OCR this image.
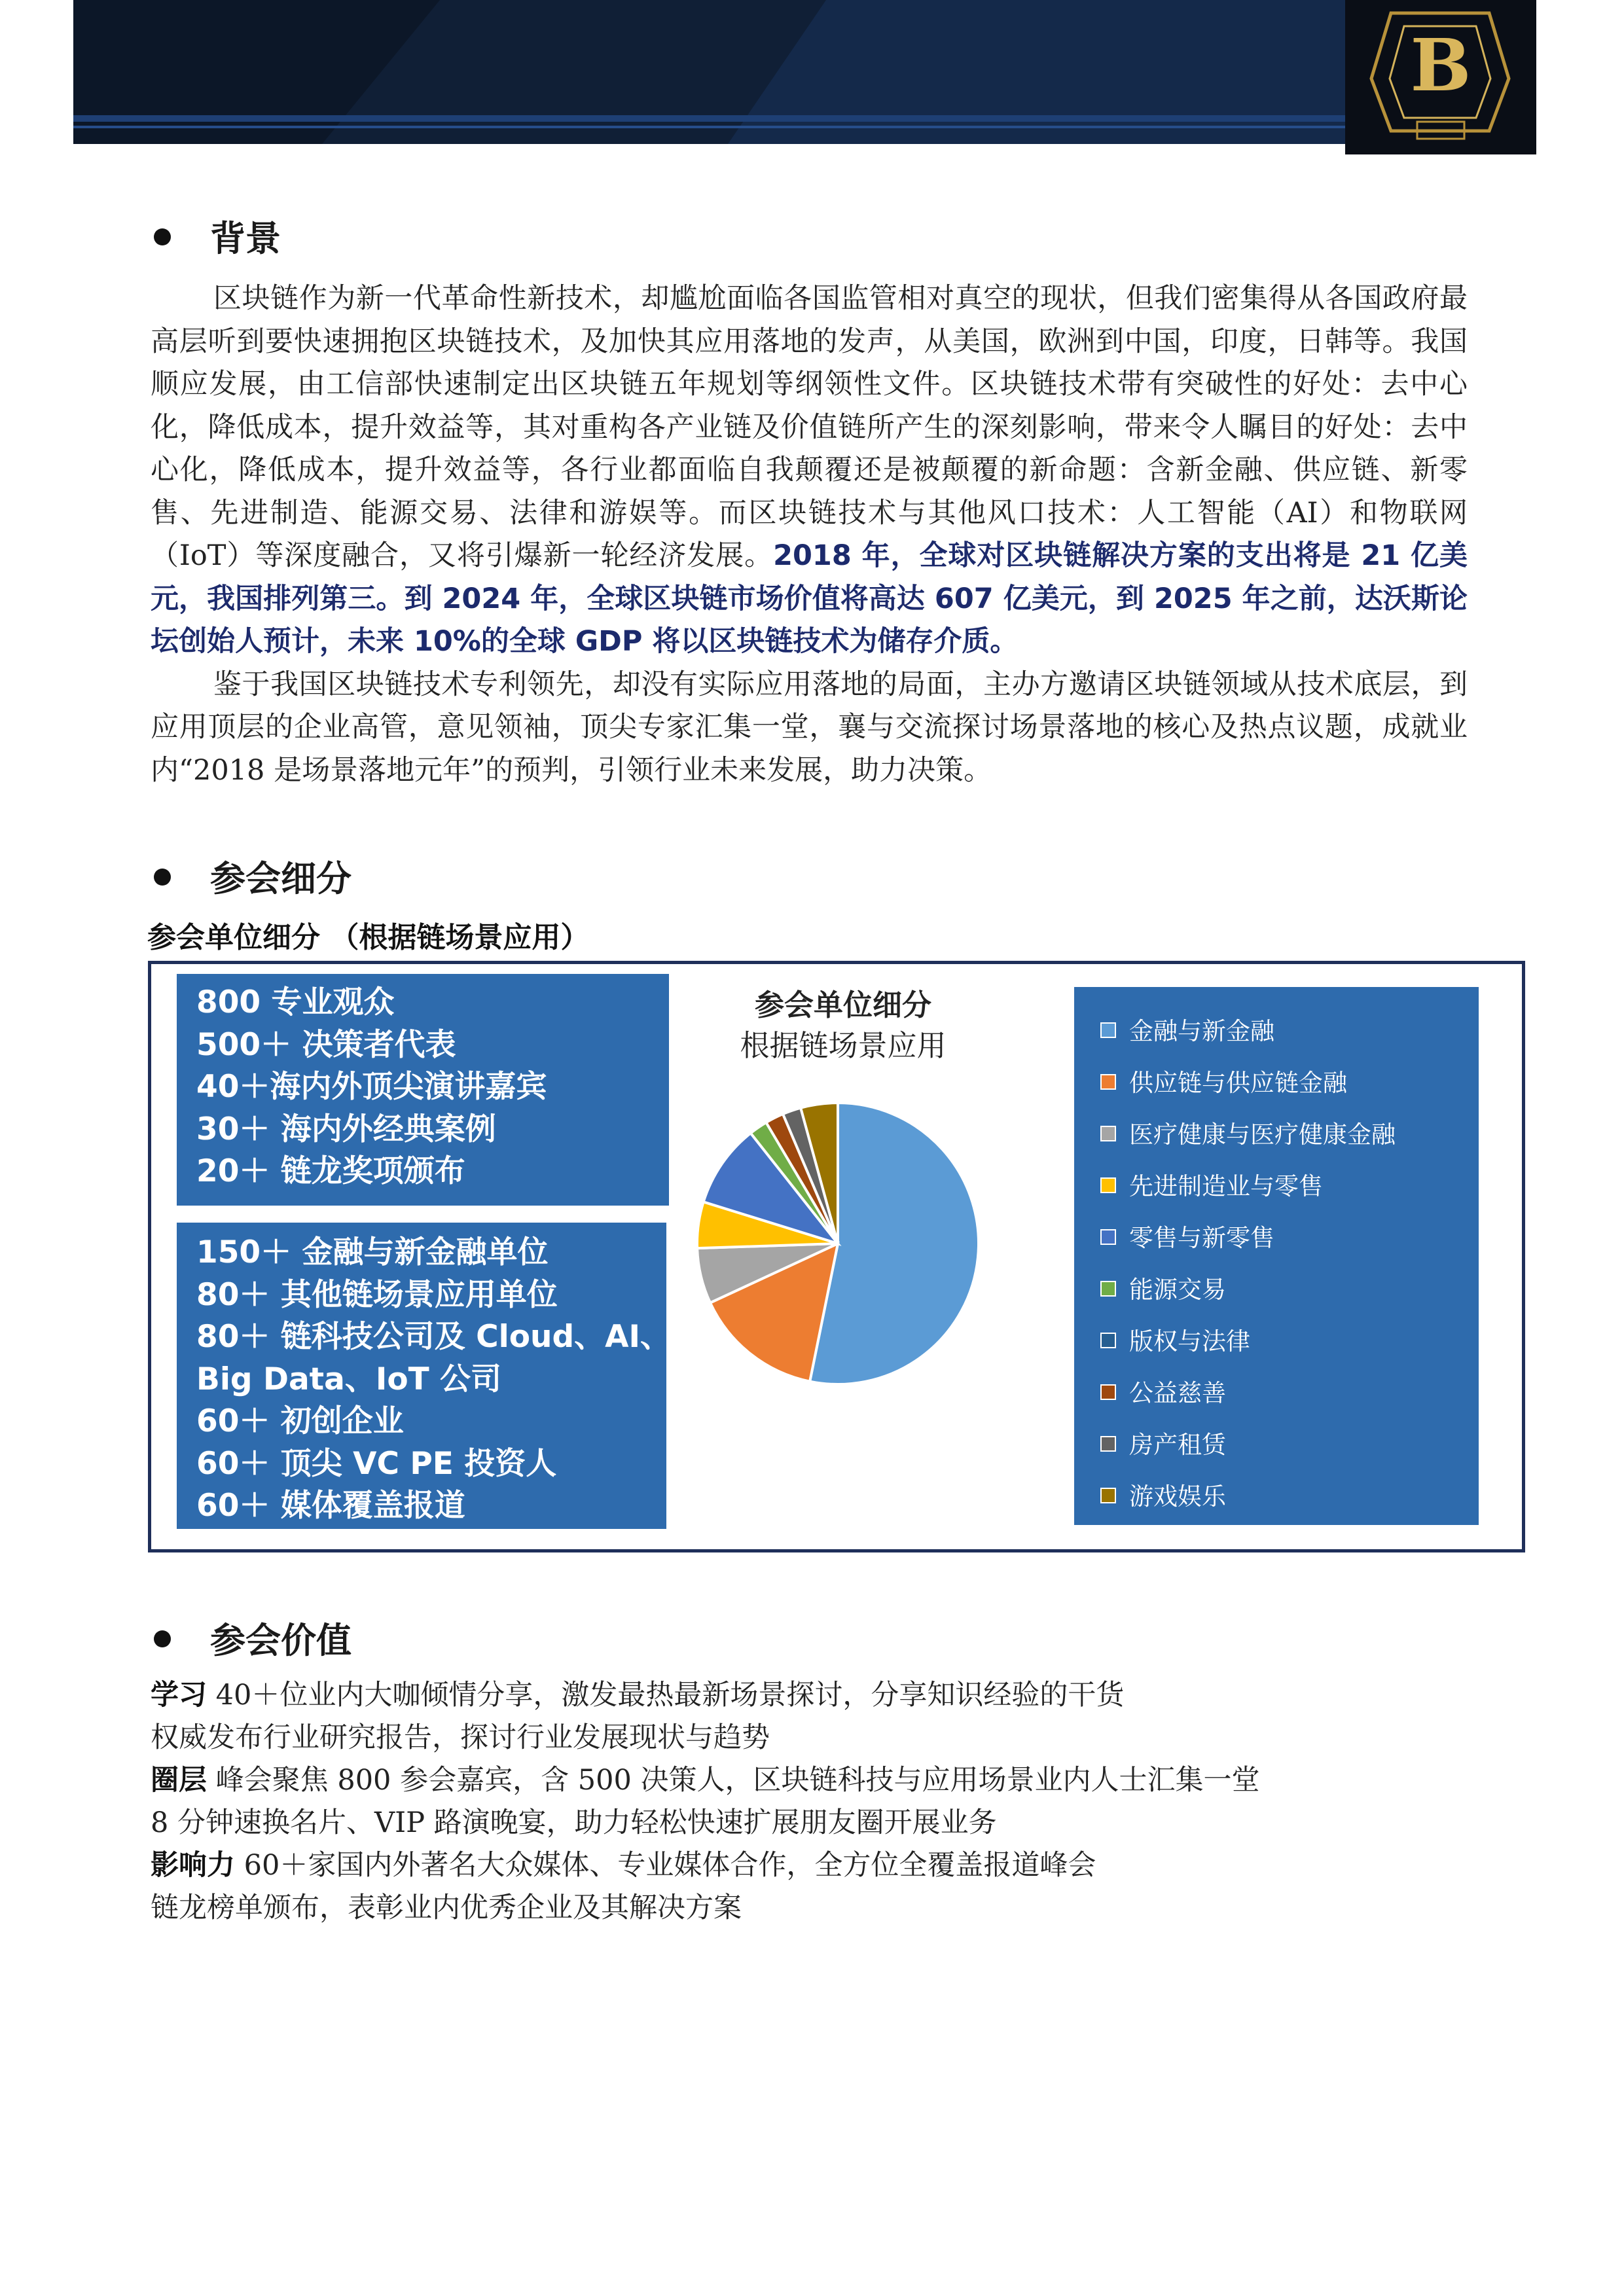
B
背景

区块链作为新一代革命性新技术，却尴尬面临各国监管相对真空的现状，但我们密集得从各国政府最高层听到要快速拥抱区块链技术，及加快其应用落地的发声，从美国，欧洲到中国，印度，日韩等。我国顺应发展，由工信部快速制定出区块链五年规划等纲领性文件。区块链技术带有突破性的好处：去中心化，降低成本，提升效益等，其对重构各产业链及价值链所产生的深刻影响，带来令人瞩目的好处：去中心化，降低成本，提升效益等，各行业都面临自我颠覆还是被颠覆的新命题：含新金融、供应链、新零售、先进制造、能源交易、法律和游娱等。而区块链技术与其他风口技术：人工智能（AI）和物联网（IoT）等深度融合，又将引爆新一轮经济发展。2018 年，全球对区块链解决方案的支出将是 21 亿美元，我国排列第三。到 2024 年，全球区块链市场价值将高达 607 亿美元，到 2025 年之前，达沃斯论坛创始人预计，未来 10%的全球 GDP 将以区块链技术为储存介质。

鉴于我国区块链技术专利领先，却没有实际应用落地的局面，主办方邀请区块链领域从技术底层，到应用顶层的企业高管，意见领袖，顶尖专家汇集一堂，襄与交流探讨场景落地的核心及热点议题，成就业内“2018 是场景落地元年”的预判，引领行业未来发展，助力决策。

参会细分
参会单位细分 （根据链场景应用）
800 专业观众
500＋ 决策者代表
40＋海内外顶尖演讲嘉宾
30＋ 海内外经典案例
20＋ 链龙奖项颁布
150＋ 金融与新金融单位
80＋ 其他链场景应用单位
80＋ 链科技公司及 Cloud、AI、
Big Data、IoT 公司
60＋ 初创企业
60＋ 顶尖 VC PE 投资人
60＋ 媒体覆盖报道
参会单位细分
根据链场景应用	金融与新金融
供应链与供应链金融
医疗健康与医疗健康金融
先进制造业与零售
零售与新零售
能源交易
版权与法律
公益慈善
房产租赁
游戏娱乐
参会价值
学习 40＋位业内大咖倾情分享，激发最热最新场景探讨，分享知识经验的干货
权威发布行业研究报告，探讨行业发展现状与趋势
圈层 峰会聚焦 800 参会嘉宾，含 500 决策人，区块链科技与应用场景业内人士汇集一堂
8 分钟速换名片、VIP 路演晚宴，助力轻松快速扩展朋友圈开展业务
影响力 60＋家国内外著名大众媒体、专业媒体合作，全方位全覆盖报道峰会
链龙榜单颁布，表彰业内优秀企业及其解决方案
